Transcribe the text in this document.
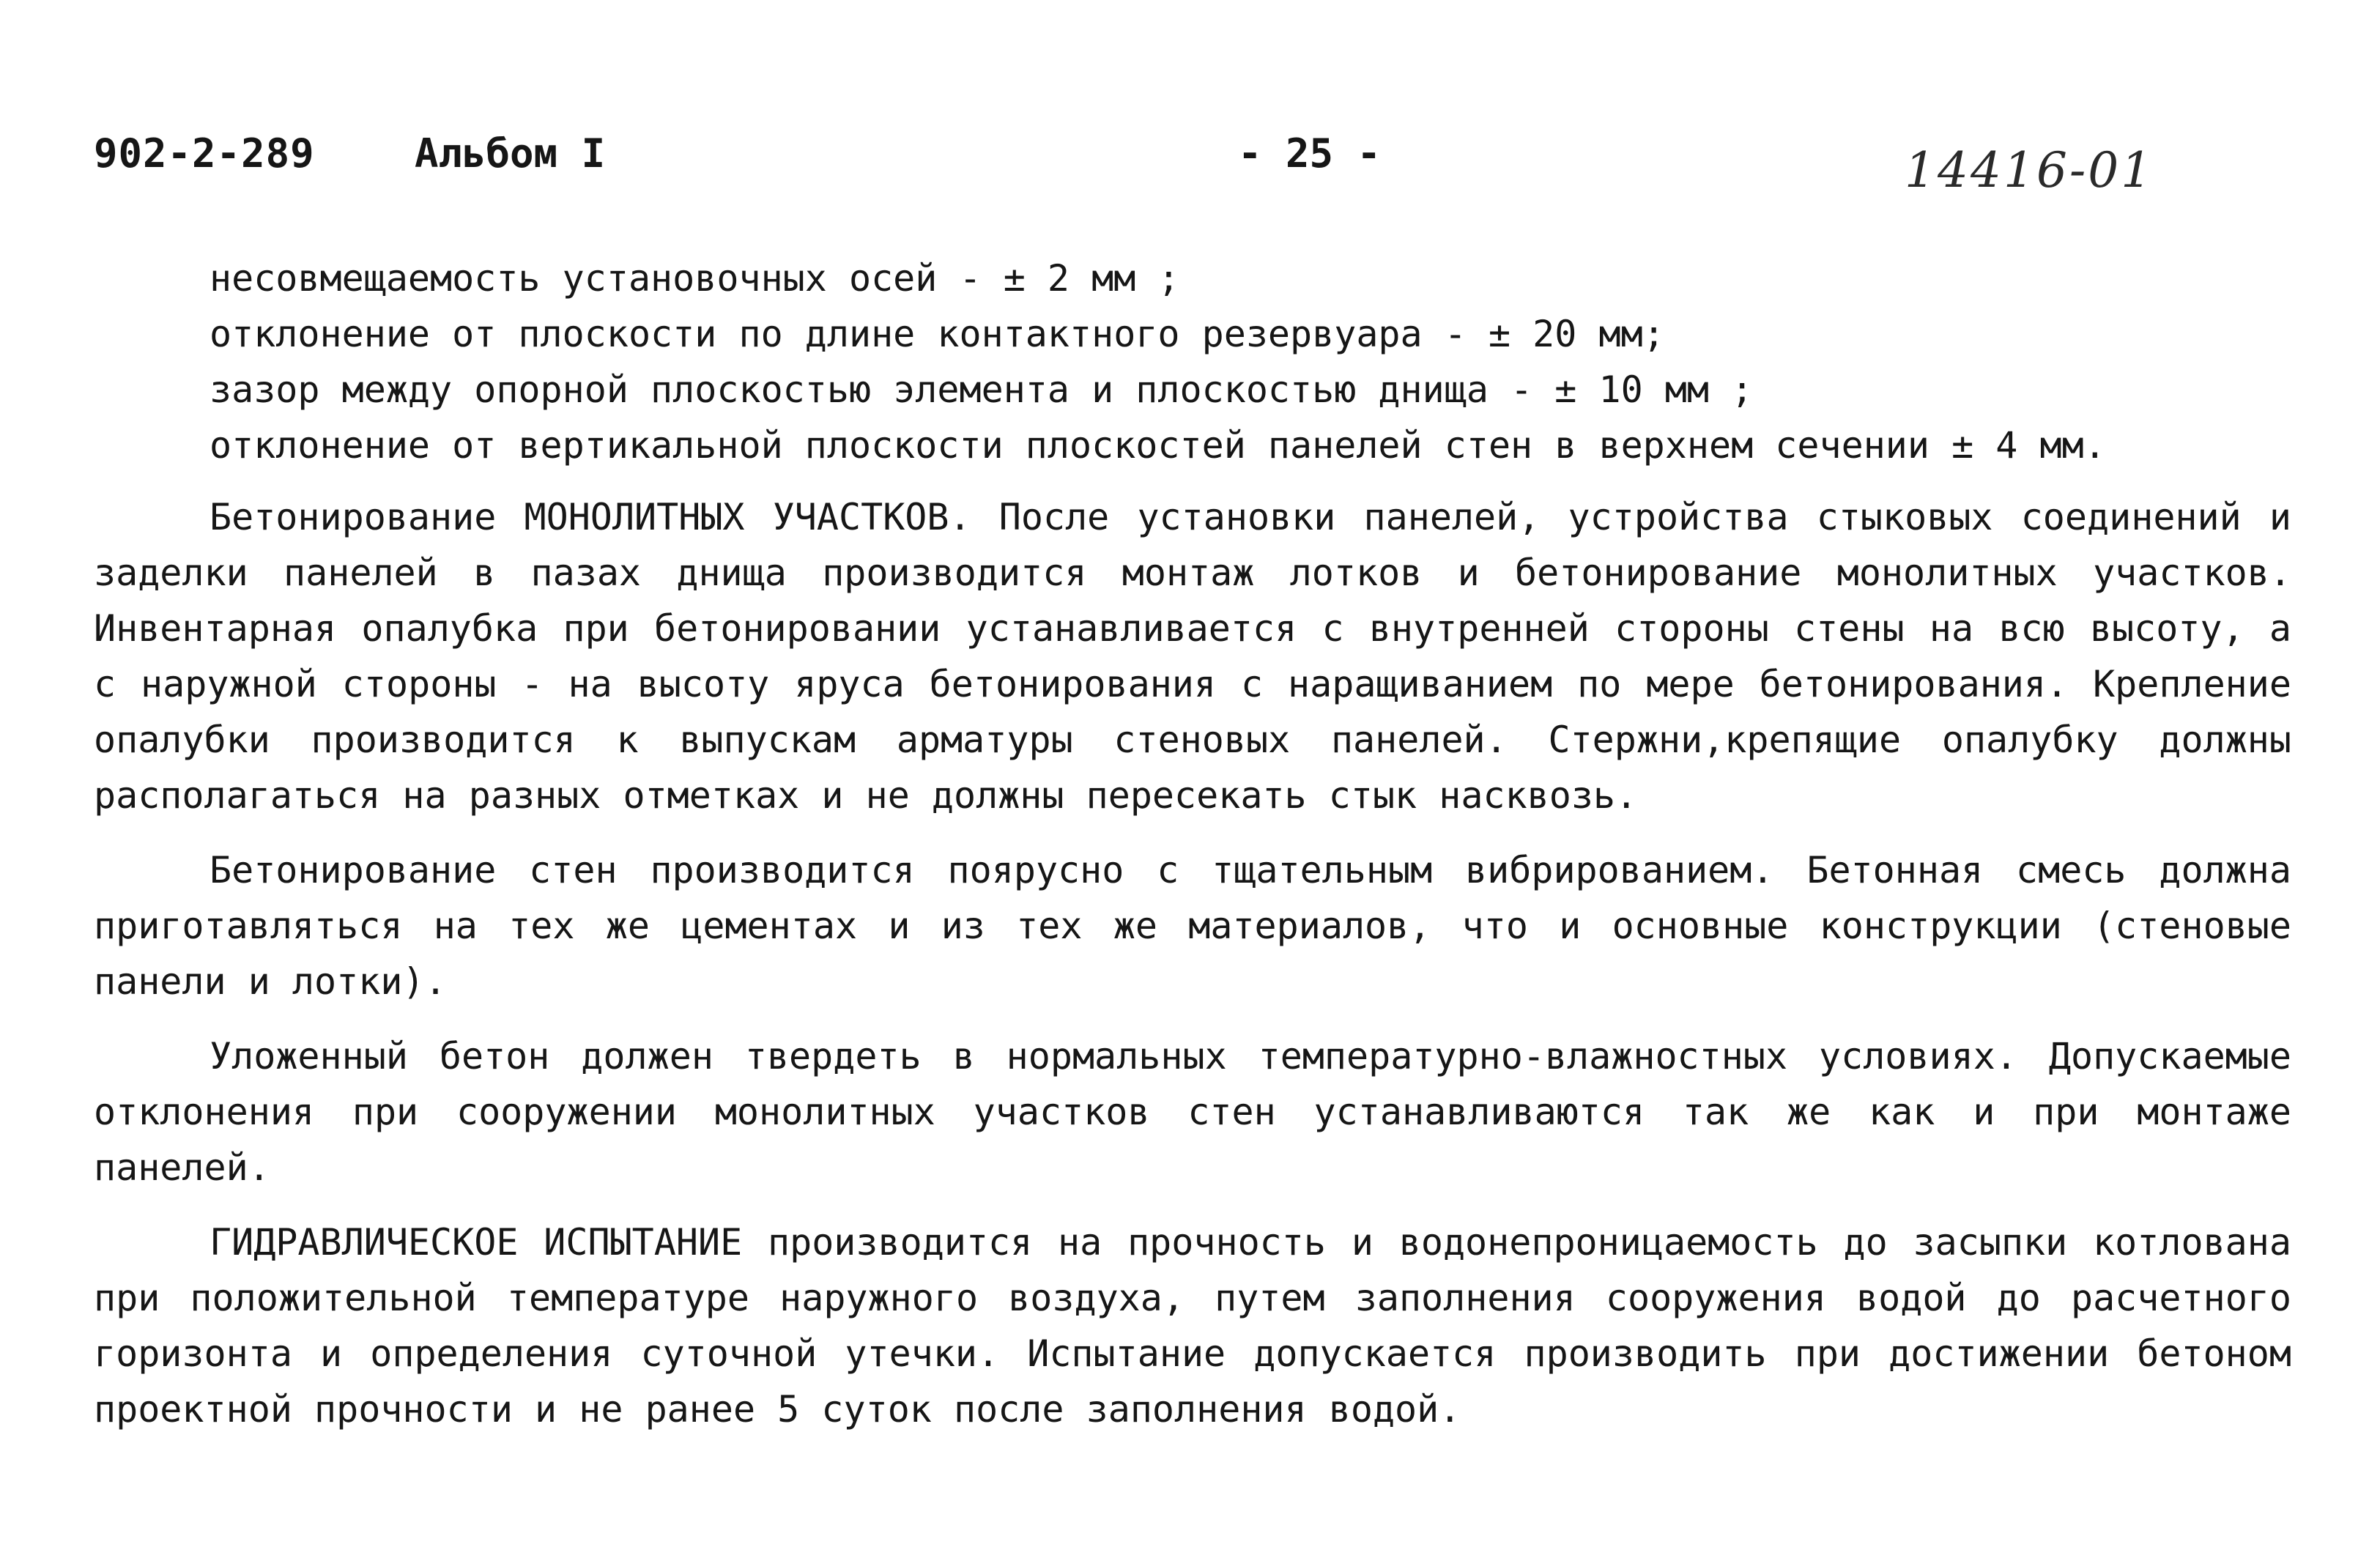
902-2-289	Альбом I	- 25 -	14416-01
несовмещаемость установочных осей - ± 2 мм ;
отклонение от плоскости по длине контактного резервуара - ± 20 мм;
зазор между опорной плоскостью элемента и плоскостью днища - ± 10 мм ;
отклонение от вертикальной плоскости плоскостей панелей стен в верхнем сечении ± 4 мм.

Бетонирование МОНОЛИТНЫХ УЧАСТКОВ. После установки панелей, устройства стыковых соединений и заделки панелей в пазах днища производится монтаж лотков и бетонирование монолитных участков. Инвентарная опалубка при бетонировании устанавливается с внутренней стороны стены на всю высоту, а с наружной стороны - на высоту яруса бетонирования с наращиванием по мере бетонирования. Крепление опалубки производится к выпускам арматуры стеновых панелей. Стержни,крепящие опалубку должны располагаться на разных отметках и не должны пересекать стык насквозь.

Бетонирование стен производится поярусно с тщательным вибрированием. Бетонная смесь должна приготавляться на тех же цементах и из тех же материалов, что и основные конструкции (стеновые панели и лотки).

Уложенный бетон должен твердеть в нормальных температурно-влажностных условиях. Допускаемые отклонения при сооружении монолитных участков стен устанавливаются так же как и при монтаже панелей.

ГИДРАВЛИЧЕСКОЕ ИСПЫТАНИЕ производится на прочность и водонепроницаемость до засыпки котлована при положительной температуре наружного воздуха, путем заполнения сооружения водой до расчетного горизонта и определения суточной утечки. Испытание допускается производить при достижении бетоном проектной прочности и не ранее 5 суток после заполнения водой.
